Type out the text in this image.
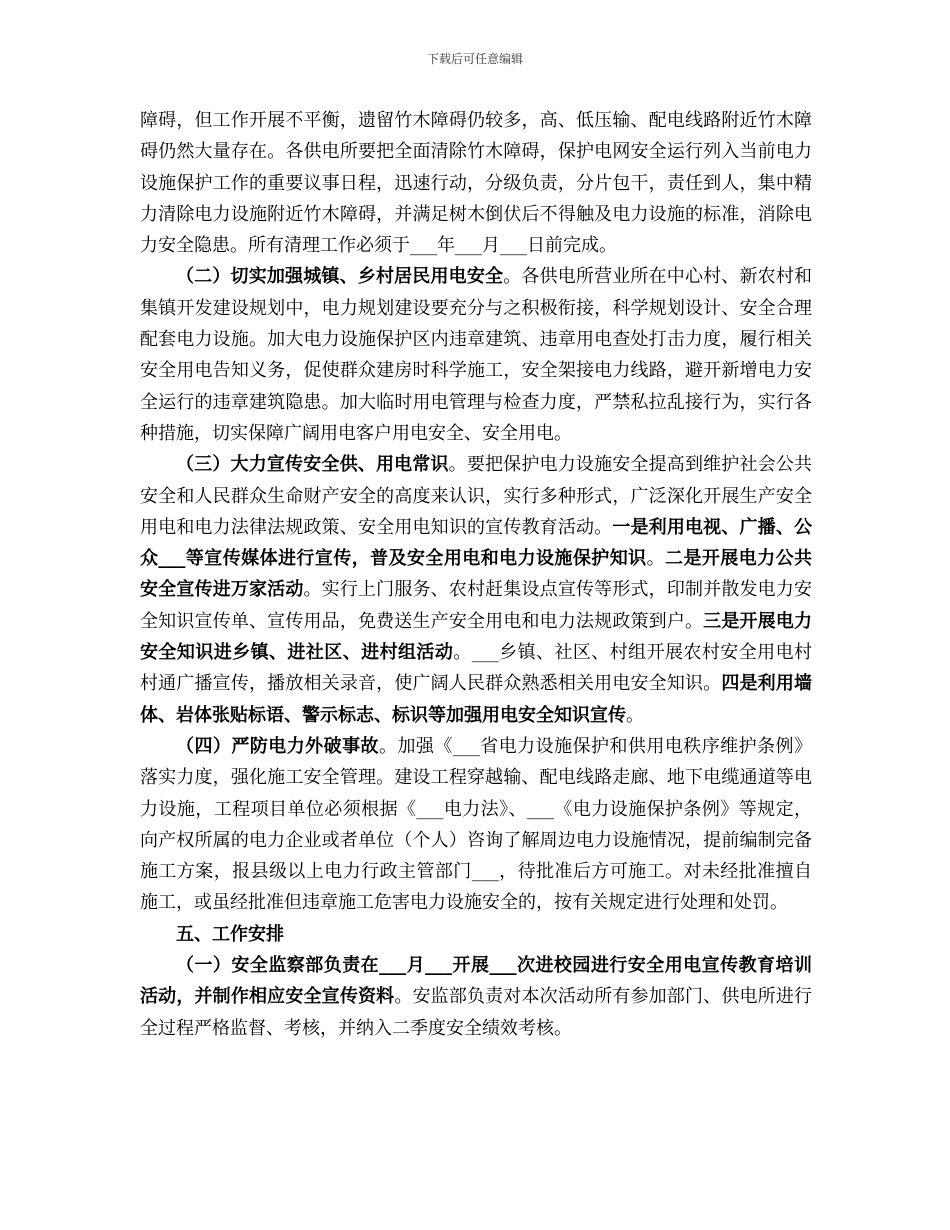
下载后可任意编辑

障碍，但工作开展不平衡，遗留竹木障碍仍较多，高、低压输、配电线路附近竹木障碍仍然大量存在。各供电所要把全面清除竹木障碍，保护电网安全运行列入当前电力设施保护工作的重要议事日程，迅速行动，分级负责，分片包干，责任到人，集中精力清除电力设施附近竹木障碍，并满足树木倒伏后不得触及电力设施的标准，消除电力安全隐患。所有清理工作必须于___年___月___日前完成。

（二）切实加强城镇、乡村居民用电安全。各供电所营业所在中心村、新农村和集镇开发建设规划中，电力规划建设要充分与之积极衔接，科学规划设计、安全合理配套电力设施。加大电力设施保护区内违章建筑、违章用电查处打击力度，履行相关安全用电告知义务，促使群众建房时科学施工，安全架接电力线路，避开新增电力安全运行的违章建筑隐患。加大临时用电管理与检查力度，严禁私拉乱接行为，实行各种措施，切实保障广阔用电客户用电安全、安全用电。

（三）大力宣传安全供、用电常识。要把保护电力设施安全提高到维护社会公共安全和人民群众生命财产安全的高度来认识，实行多种形式，广泛深化开展生产安全用电和电力法律法规政策、安全用电知识的宣传教育活动。一是利用电视、广播、公众___等宣传媒体进行宣传，普及安全用电和电力设施保护知识。二是开展电力公共安全宣传进万家活动。实行上门服务、农村赶集设点宣传等形式，印制并散发电力安全知识宣传单、宣传用品，免费送生产安全用电和电力法规政策到户。三是开展电力安全知识进乡镇、进社区、进村组活动。___乡镇、社区、村组开展农村安全用电村村通广播宣传，播放相关录音，使广阔人民群众熟悉相关用电安全知识。四是利用墙体、岩体张贴标语、警示标志、标识等加强用电安全知识宣传。

（四）严防电力外破事故。加强《___省电力设施保护和供用电秩序维护条例》落实力度，强化施工安全管理。建设工程穿越输、配电线路走廊、地下电缆通道等电力设施，工程项目单位必须根据《___电力法》、___《电力设施保护条例》等规定，向产权所属的电力企业或者单位（个人）咨询了解周边电力设施情况，提前编制完备施工方案，报县级以上电力行政主管部门___，待批准后方可施工。对未经批准擅自施工，或虽经批准但违章施工危害电力设施安全的，按有关规定进行处理和处罚。

五、工作安排

（一）安全监察部负责在___月___开展___次进校园进行安全用电宣传教育培训活动，并制作相应安全宣传资料。安监部负责对本次活动所有参加部门、供电所进行全过程严格监督、考核，并纳入二季度安全绩效考核。
